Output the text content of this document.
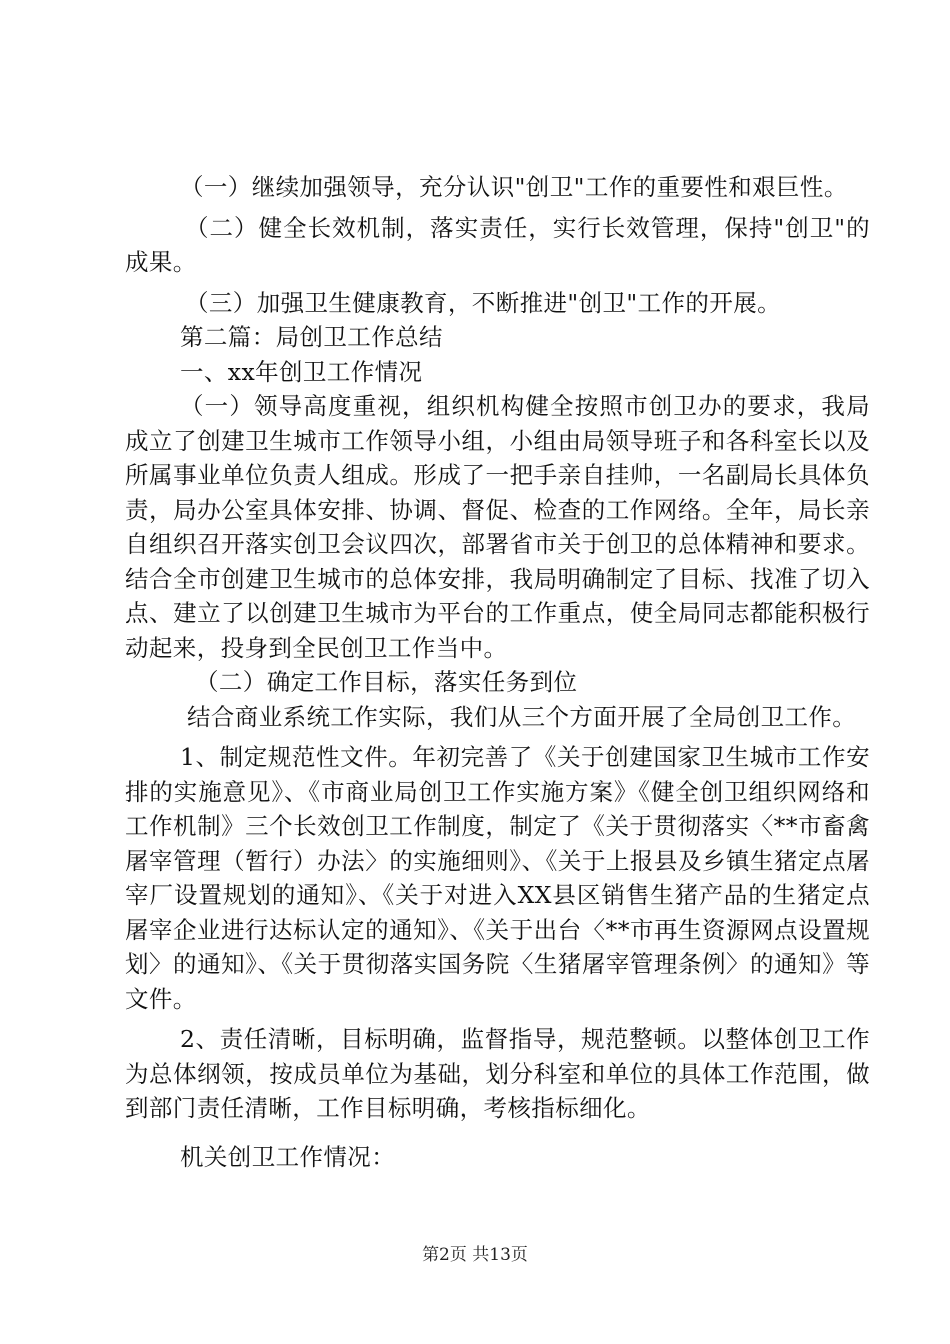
（一）继续加强领导，充分认识"创卫"工作的重要性和艰巨性。

（二）健全长效机制，落实责任，实行长效管理，保持"创卫"的成果。

（三）加强卫生健康教育，不断推进"创卫"工作的开展。

第二篇：局创卫工作总结

一、xx年创卫工作情况

（一）领导高度重视，组织机构健全按照市创卫办的要求，我局成立了创建卫生城市工作领导小组，小组由局领导班子和各科室长以及所属事业单位负责人组成。形成了一把手亲自挂帅，一名副局长具体负责，局办公室具体安排、协调、督促、检查的工作网络。全年，局长亲自组织召开落实创卫会议四次，部署省市关于创卫的总体精神和要求。结合全市创建卫生城市的总体安排，我局明确制定了目标、找准了切入点、建立了以创建卫生城市为平台的工作重点，使全局同志都能积极行动起来，投身到全民创卫工作当中。

（二）确定工作目标，落实任务到位

结合商业系统工作实际，我们从三个方面开展了全局创卫工作。

1、制定规范性文件。年初完善了《关于创建国家卫生城市工作安排的实施意见》、《市商业局创卫工作实施方案》《健全创卫组织网络和工作机制》三个长效创卫工作制度，制定了《关于贯彻落实〈**市畜禽屠宰管理（暂行）办法〉的实施细则》、《关于上报县及乡镇生猪定点屠宰厂设置规划的通知》、《关于对进入XX县区销售生猪产品的生猪定点屠宰企业进行达标认定的通知》、《关于出台〈**市再生资源网点设置规划〉的通知》、《关于贯彻落实国务院〈生猪屠宰管理条例〉的通知》等文件。

2、责任清晰，目标明确，监督指导，规范整顿。以整体创卫工作为总体纲领，按成员单位为基础，划分科室和单位的具体工作范围，做到部门责任清晰，工作目标明确，考核指标细化。

机关创卫工作情况：

第2页 共13页
